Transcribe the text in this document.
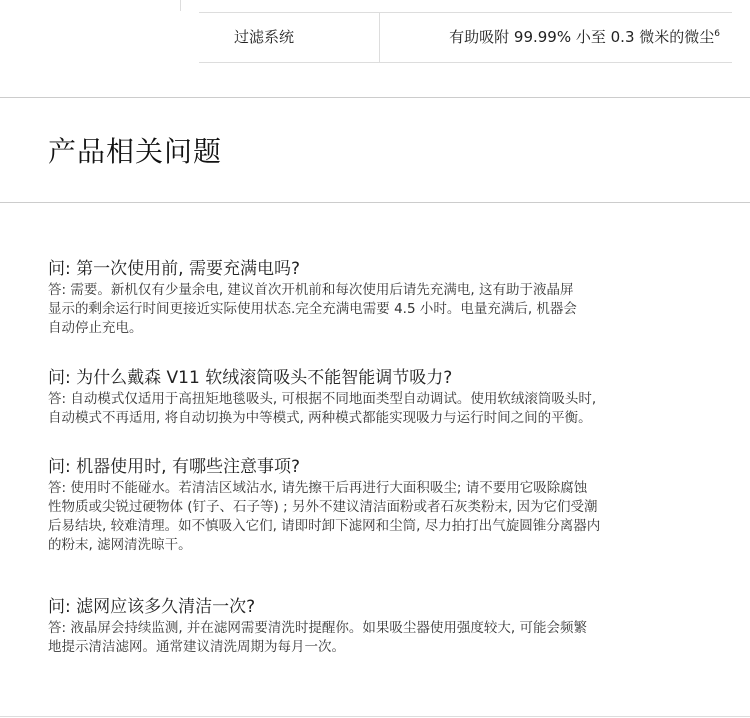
过滤系统	有助吸附 99.99% 小至 0.3 微米的微尘$^6$
产品相关问题

问: 第一次使用前, 需要充满电吗?

答: 需要。新机仅有少量余电, 建议首次开机前和每次使用后请先充满电, 这有助于液晶屏
显示的剩余运行时间更接近实际使用状态.完全充满电需要 4.5 小时。电量充满后, 机器会
自动停止充电。

问: 为什么戴森 V11 软绒滚筒吸头不能智能调节吸力?

答: 自动模式仅适用于高扭矩地毯吸头, 可根据不同地面类型自动调试。使用软绒滚筒吸头时,
自动模式不再适用, 将自动切换为中等模式, 两种模式都能实现吸力与运行时间之间的平衡。

问: 机器使用时, 有哪些注意事项?

答: 使用时不能碰水。若清洁区域沾水, 请先擦干后再进行大面积吸尘; 请不要用它吸除腐蚀
性物质或尖锐过硬物体 (钉子、石子等) ; 另外不建议清洁面粉或者石灰类粉末, 因为它们受潮
后易结块, 较难清理。如不慎吸入它们, 请即时卸下滤网和尘筒, 尽力拍打出气旋圆锥分离器内
的粉末, 滤网清洗晾干。

问: 滤网应该多久清洁一次?

答: 液晶屏会持续监测, 并在滤网需要清洗时提醒你。如果吸尘器使用强度较大, 可能会频繁
地提示清洁滤网。通常建议清洗周期为每月一次。
